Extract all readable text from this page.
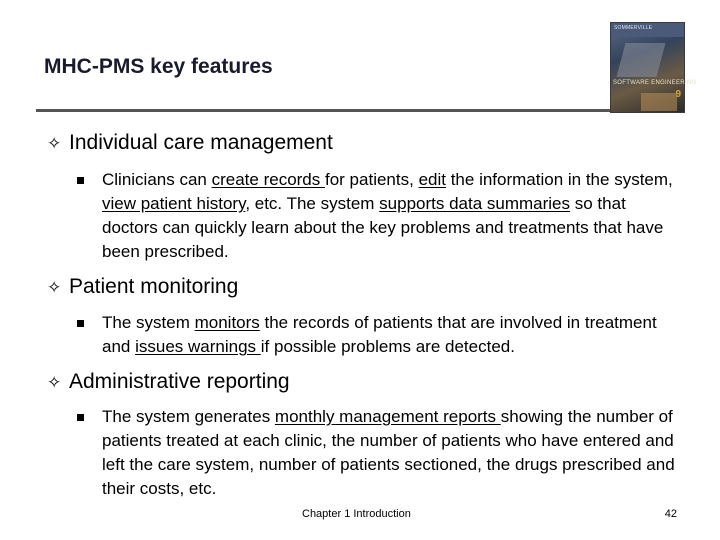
MHC-PMS key features
SOMMERVILLE
SOFTWARE ENGINEERING
9
✧ Individual care management
Clinicians can create records for patients, edit the information in the system, view patient history, etc. The system supports data summaries so that doctors can quickly learn about the key problems and treatments that have been prescribed.
✧ Patient monitoring
The system monitors the records of patients that are involved in treatment and issues warnings if possible problems are detected.
✧ Administrative reporting
The system generates monthly management reports showing the number of patients treated at each clinic, the number of patients who have entered and left the care system, number of patients sectioned, the drugs prescribed and their costs, etc.
Chapter 1 Introduction	42
